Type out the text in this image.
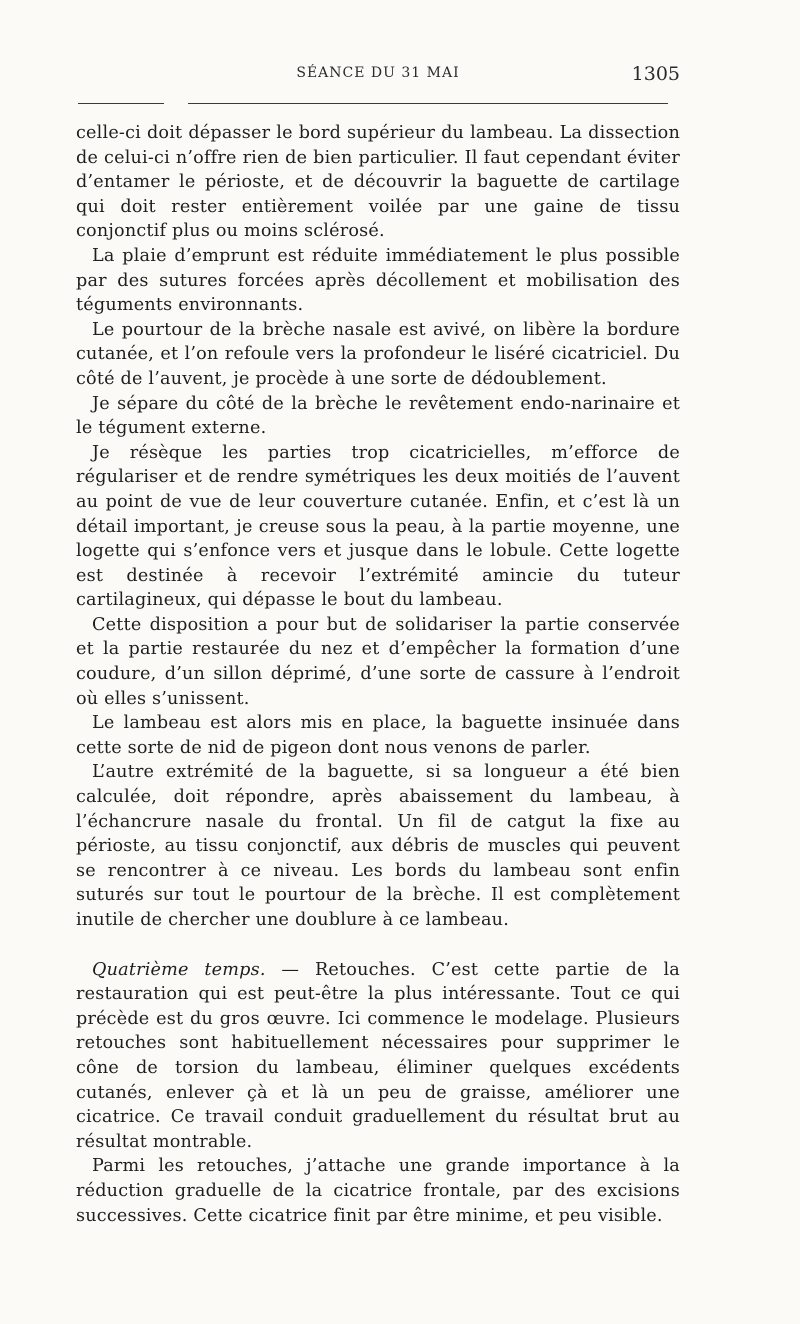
SÉANCE DU 31 MAI	1305

celle-ci doit dépasser le bord supérieur du lambeau. La dissection de celui-ci n’offre rien de bien particulier. Il faut cependant éviter d’entamer le périoste, et de découvrir la baguette de cartilage qui doit rester entièrement voilée par une gaine de tissu conjonctif plus ou moins sclérosé.

La plaie d’emprunt est réduite immédiatement le plus possible par des sutures forcées après décollement et mobilisation des téguments environnants.

Le pourtour de la brèche nasale est avivé, on libère la bordure cutanée, et l’on refoule vers la profondeur le liséré cicatriciel. Du côté de l’auvent, je procède à une sorte de dédoublement.

Je sépare du côté de la brèche le revêtement endo-narinaire et le tégument externe.

Je résèque les parties trop cicatricielles, m’efforce de régulariser et de rendre symétriques les deux moitiés de l’auvent au point de vue de leur couverture cutanée. Enfin, et c’est là un détail important, je creuse sous la peau, à la partie moyenne, une logette qui s’enfonce vers et jusque dans le lobule. Cette logette est destinée à recevoir l’extrémité amincie du tuteur cartilagineux, qui dépasse le bout du lambeau.

Cette disposition a pour but de solidariser la partie conservée et la partie restaurée du nez et d’empêcher la formation d’une coudure, d’un sillon déprimé, d’une sorte de cassure à l’endroit où elles s’unissent.

Le lambeau est alors mis en place, la baguette insinuée dans cette sorte de nid de pigeon dont nous venons de parler.

L’autre extrémité de la baguette, si sa longueur a été bien calculée, doit répondre, après abaissement du lambeau, à l’échancrure nasale du frontal. Un fil de catgut la fixe au périoste, au tissu conjonctif, aux débris de muscles qui peuvent se rencontrer à ce niveau. Les bords du lambeau sont enfin suturés sur tout le pourtour de la brèche. Il est complètement inutile de chercher une doublure à ce lambeau.

Quatrième temps. — Retouches. C’est cette partie de la restauration qui est peut-être la plus intéressante. Tout ce qui précède est du gros œuvre. Ici commence le modelage. Plusieurs retouches sont habituellement nécessaires pour supprimer le cône de torsion du lambeau, éliminer quelques excédents cutanés, enlever çà et là un peu de graisse, améliorer une cicatrice. Ce travail conduit graduellement du résultat brut au résultat montrable.

Parmi les retouches, j’attache une grande importance à la réduction graduelle de la cicatrice frontale, par des excisions successives. Cette cicatrice finit par être minime, et peu visible.
